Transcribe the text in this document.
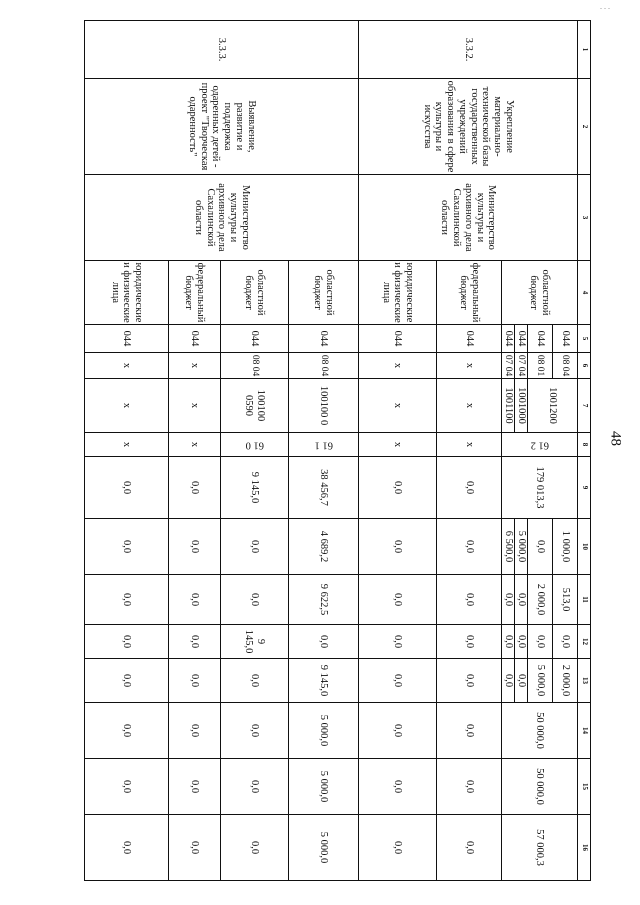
. . .
48
1	2	3	4	5	6	7	8	9	10	11	12	13	14	15	16
3.3.2.	Укрепление материально-технической базы государственных учреждений образования в сфере культуры и искусства	Министерство культуры и архивного дела Сахалинской области	областной бюджет	044	08 04	1001200	61 2	179 013,3	1 000,0	513,0	0,0	2 000,0	50 000,0	50 000,0	57 000,3
				044	08 01				0,0	2 000,0	0,0	5 000,0			
				044	07 04	1001000			5 000,0	0,0	0,0	0,0			
				044	07 04	1001100			6 500,0	0,0	0,0	0,0			
			федеральный бюджет	044	х	х	х	0,0	0,0	0,0	0,0	0,0	0,0	0,0	0,0
			юридические и физические лица	044	х	х	х	0,0	0,0	0,0	0,0	0,0	0,0	0,0	0,0
3.3.3.	Выявление, развитие и поддержка одаренных детей - проект "Творческая одаренность"	Министерство культуры и архивного дела Сахалинской области	областной бюджет	044	08 04	100100 0	61 1	38 456,7	4 689,2	9 622,5	0,0	9 145,0	5 000,0	5 000,0	5 000,0
			областной бюджет	044	08 04	100100 0590	61 0	9 145,0	0,0	0,0	9 145,0	0,0	0,0	0,0	0,0
			федеральный бюджет	044	х	х	х	0,0	0,0	0,0	0,0	0,0	0,0	0,0	0,0
			юридические и физические лица	044	х	х	х	0,0	0,0	0,0	0,0	0,0	0,0	0,0	0,0
